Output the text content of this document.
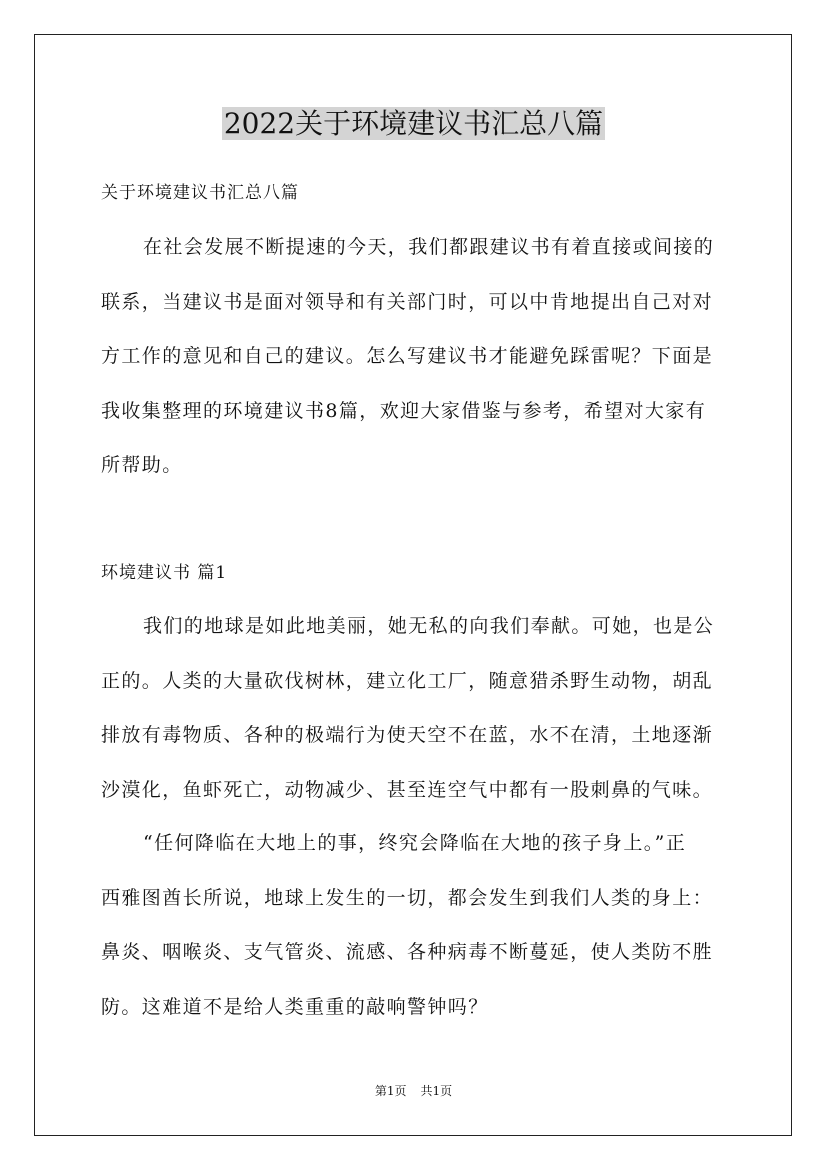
2022关于环境建议书汇总八篇

关于环境建议书汇总八篇

在社会发展不断提速的今天，我们都跟建议书有着直接或间接的
联系，当建议书是面对领导和有关部门时，可以中肯地提出自己对对
方工作的意见和自己的建议。怎么写建议书才能避免踩雷呢？下面是
我收集整理的环境建议书8篇，欢迎大家借鉴与参考，希望对大家有
所帮助。

环境建议书 篇1

我们的地球是如此地美丽，她无私的向我们奉献。可她，也是公
正的。人类的大量砍伐树林，建立化工厂，随意猎杀野生动物，胡乱
排放有毒物质、各种的极端行为使天空不在蓝，水不在清，土地逐渐
沙漠化，鱼虾死亡，动物减少、甚至连空气中都有一股刺鼻的气味。

“任何降临在大地上的事，终究会降临在大地的孩子身上。”正
西雅图酋长所说，地球上发生的一切，都会发生到我们人类的身上：
鼻炎、咽喉炎、支气管炎、流感、各种病毒不断蔓延，使人类防不胜
防。这难道不是给人类重重的敲响警钟吗？

第1页 共1页
